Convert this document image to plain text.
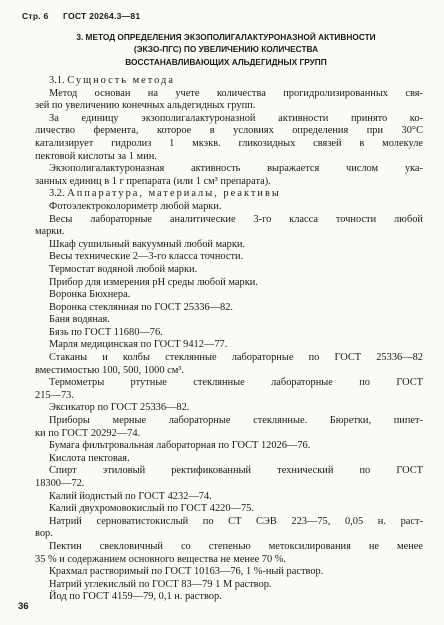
Стр. 6 ГОСТ 20264.3—81
3. МЕТОД ОПРЕДЕЛЕНИЯ ЭКЗОПОЛИГАЛАКТУРОНАЗНОЙ АКТИВНОСТИ
(ЭКЗО-ПГС) ПО УВЕЛИЧЕНИЮ КОЛИЧЕСТВА
ВОССТАНАВЛИВАЮЩИХ АЛЬДЕГИДНЫХ ГРУПП

3.1. Сущность метода

Метод основан на учете количества прогидролизированных свя-
зей по увеличению конечных альдегидных групп.
За единицу экзополигалактуроназной активности принято ко-
личество фермента, которое в условиях определения при 30°C
катализирует гидролиз 1 мкэкв. гликозидных связей в молекуле
пектовой кислоты за 1 мин.
Экзополигалактуроназная активность выражается числом ука-
занных единиц в 1 г препарата (или 1 см³ препарата).

3.2. Аппаратура, материалы, реактивы

Фотоэлектроколориметр любой марки.
Весы лабораторные аналитические 3-го класса точности любой
марки.
Шкаф сушильный вакуумный любой марки.
Весы технические 2—3-го класса точности.
Термостат водяной любой марки.
Прибор для измерения pH среды любой марки.
Воронка Бюхнера.
Воронка стеклянная по ГОСТ 25336—82.
Баня водяная.
Бязь по ГОСТ 11680—76.
Марля медицинская по ГОСТ 9412—77.
Стаканы и колбы стеклянные лабораторные по ГОСТ 25336—82
вместимостью 100, 500, 1000 см³.
Термометры ртутные стеклянные лабораторные по ГОСТ
215—73.
Эксикатор по ГОСТ 25336—82.
Приборы мерные лабораторные стеклянные. Бюретки, пипет-
ки по ГОСТ 20292—74.
Бумага фильтровальная лабораторная по ГОСТ 12026—76.
Кислота пектовая.
Спирт этиловый ректификованный технический по ГОСТ
18300—72.
Калий йодистый по ГОСТ 4232—74.
Калий двухромовокислый по ГОСТ 4220—75.
Натрий серноватистокислый по СТ СЭВ 223—75, 0,05 н. раст-
вор.
Пектин свекловичный со степенью метоксилирования не менее
35 % и содержанием основного вещества не менее 70 %.
Крахмал растворимый по ГОСТ 10163—76, 1 %-ный раствор.
Натрий углекислый по ГОСТ 83—79 1 М раствор.
Йод по ГОСТ 4159—79, 0,1 н. раствор.
36
